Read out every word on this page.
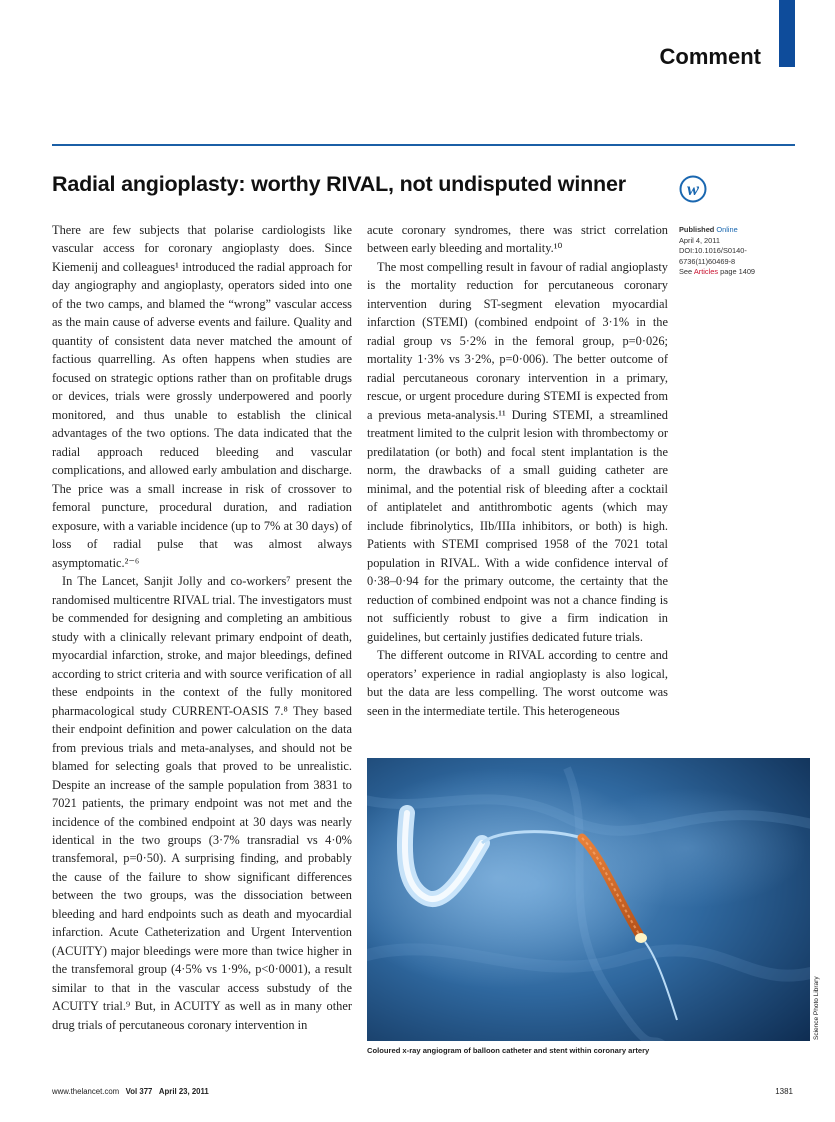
Comment
Radial angioplasty: worthy RIVAL, not undisputed winner	w

There are few subjects that polarise cardiologists like vascular access for coronary angioplasty does. Since Kiemenij and colleagues¹ introduced the radial approach for day angiography and angioplasty, operators sided into one of the two camps, and blamed the “wrong” vascular access as the main cause of adverse events and failure. Quality and quantity of consistent data never matched the amount of factious quarrelling. As often happens when studies are focused on strategic options rather than on profitable drugs or devices, trials were grossly underpowered and poorly monitored, and thus unable to establish the clinical advantages of the two options. The data indicated that the radial approach reduced bleeding and vascular complications, and allowed early ambulation and discharge. The price was a small increase in risk of crossover to femoral puncture, procedural duration, and radiation exposure, with a variable incidence (up to 7% at 30 days) of loss of radial pulse that was almost always asymptomatic.²⁻⁶

In The Lancet, Sanjit Jolly and co-workers⁷ present the randomised multicentre RIVAL trial. The investigators must be commended for designing and completing an ambitious study with a clinically relevant primary endpoint of death, myocardial infarction, stroke, and major bleedings, defined according to strict criteria and with source verification of all these endpoints in the context of the fully monitored pharmacological study CURRENT-OASIS 7.⁸ They based their endpoint definition and power calculation on the data from previous trials and meta-analyses, and should not be blamed for selecting goals that proved to be unrealistic. Despite an increase of the sample population from 3831 to 7021 patients, the primary endpoint was not met and the incidence of the combined endpoint at 30 days was nearly identical in the two groups (3·7% transradial vs 4·0% transfemoral, p=0·50). A surprising finding, and probably the cause of the failure to show significant differences between the two groups, was the dissociation between bleeding and hard endpoints such as death and myocardial infarction. Acute Catheterization and Urgent Intervention (ACUITY) major bleedings were more than twice higher in the transfemoral group (4·5% vs 1·9%, p<0·0001), a result similar to that in the vascular access substudy of the ACUITY trial.⁹ But, in ACUITY as well as in many other drug trials of percutaneous coronary intervention in

acute coronary syndromes, there was strict correlation between early bleeding and mortality.¹⁰

The most compelling result in favour of radial angioplasty is the mortality reduction for percutaneous coronary intervention during ST-segment elevation myocardial infarction (STEMI) (combined endpoint of 3·1% in the radial group vs 5·2% in the femoral group, p=0·026; mortality 1·3% vs 3·2%, p=0·006). The better outcome of radial percutaneous coronary intervention in a primary, rescue, or urgent procedure during STEMI is expected from a previous meta-analysis.¹¹ During STEMI, a streamlined treatment limited to the culprit lesion with thrombectomy or predilatation (or both) and focal stent implantation is the norm, the drawbacks of a small guiding catheter are minimal, and the potential risk of bleeding after a cocktail of antiplatelet and antithrombotic agents (which may include fibrinolytics, IIb/IIIa inhibitors, or both) is high. Patients with STEMI comprised 1958 of the 7021 total population in RIVAL. With a wide confidence interval of 0·38–0·94 for the primary outcome, the certainty that the reduction of combined endpoint was not a chance finding is not sufficiently robust to give a firm indication in guidelines, but certainly justifies dedicated future trials.

The different outcome in RIVAL according to centre and operators’ experience in radial angioplasty is also logical, but the data are less compelling. The worst outcome was seen in the intermediate tertile. This heterogeneous

Published Online
April 4, 2011
DOI:10.1016/S0140-6736(11)60469-8
See Articles page 1409
Science Photo Library
Coloured x-ray angiogram of balloon catheter and stent within coronary artery
www.thelancet.com Vol 377 April 23, 2011	1381
